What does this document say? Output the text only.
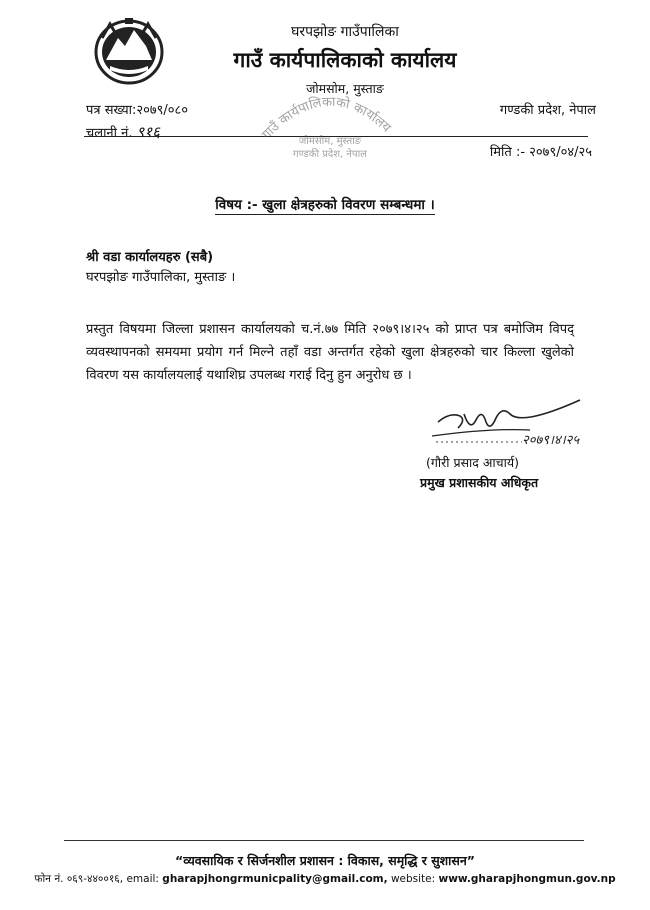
घरपझोङ गाउँपालिका
गाउँ कार्यपालिकाको कार्यालय
जोमसोम, मुस्ताङ
पत्र सख्या:२०७९/०८०	गण्डकी प्रदेश, नेपाल
चलानी नं. ९१६
मिति :- २०७९/०४/२५
गाउँ कार्यपालिकाको कार्यालय
जोमसोम, मुस्ताङ
गण्डकी प्रदेश, नेपाल
विषय :- खुला क्षेत्रहरुको विवरण सम्बन्धमा ।
श्री वडा कार्यालयहरु (सबै)
घरपझोङ गाउँपालिका, मुस्ताङ ।
प्रस्तुत विषयमा जिल्ला प्रशासन कार्यालयको च.नं.७७ मिति २०७९।४।२५ को प्राप्त पत्र बमोजिम विपद् व्यवस्थापनको समयमा प्रयोग गर्न मिल्ने तहाँ वडा अन्तर्गत रहेको खुला क्षेत्रहरुको चार किल्ला खुलेको विवरण यस कार्यालयलाई यथाशिघ्र उपलब्ध गराई दिनु हुन अनुरोध छ ।
२०७९।४।२५
(गौरी प्रसाद आचार्य)
प्रमुख प्रशासकीय अधिकृत
“व्यवसायिक र सिर्जनशील प्रशासन : विकास, समृद्धि र सुशासन”
फोन नं. ०६९-४४००१६, email: gharapjhongrmunicpality@gmail.com, website: www.gharapjhongmun.gov.np
